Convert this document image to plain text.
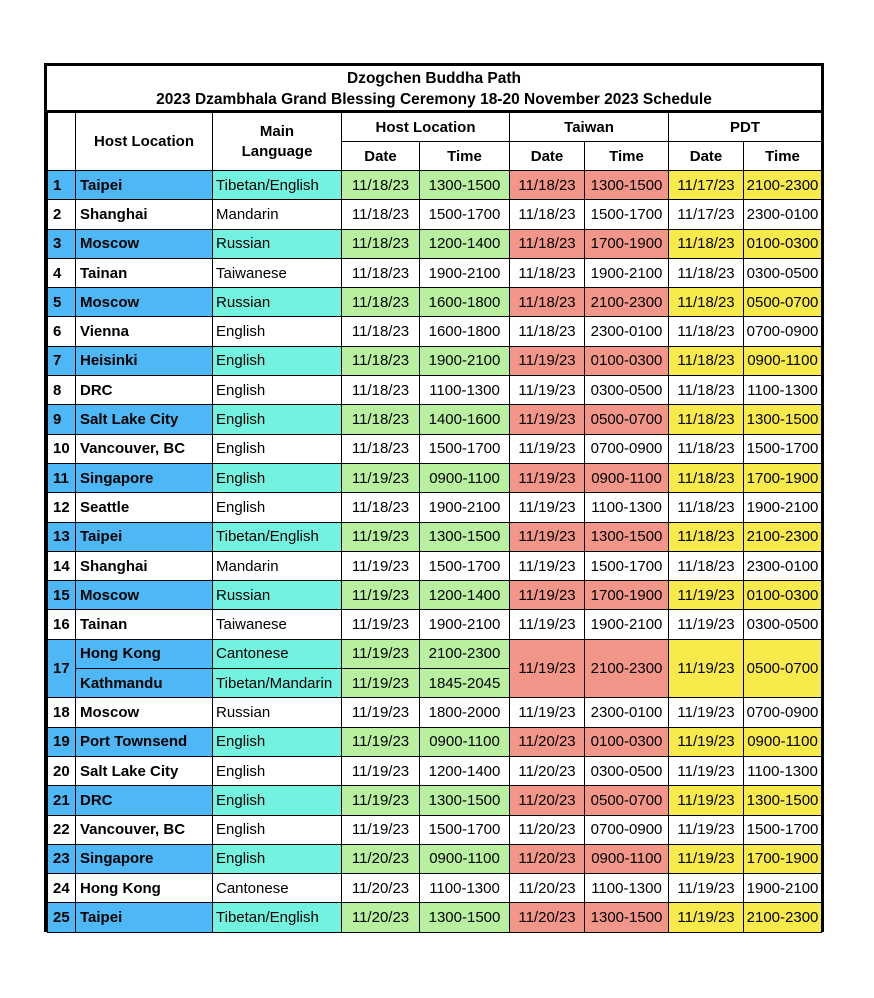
Dzogchen Buddha Path
2023 Dzambhala Grand Blessing Ceremony 18-20 November 2023 Schedule
	Host Location	Main Language	Host Location		Taiwan		PDT	
			Date	Time	Date	Time	Date	Time
1	Taipei	Tibetan/English	11/18/23	1300-1500	11/18/23	1300-1500	11/17/23	2100-2300
2	Shanghai	Mandarin	11/18/23	1500-1700	11/18/23	1500-1700	11/17/23	2300-0100
3	Moscow	Russian	11/18/23	1200-1400	11/18/23	1700-1900	11/18/23	0100-0300
4	Tainan	Taiwanese	11/18/23	1900-2100	11/18/23	1900-2100	11/18/23	0300-0500
5	Moscow	Russian	11/18/23	1600-1800	11/18/23	2100-2300	11/18/23	0500-0700
6	Vienna	English	11/18/23	1600-1800	11/18/23	2300-0100	11/18/23	0700-0900
7	Heisinki	English	11/18/23	1900-2100	11/19/23	0100-0300	11/18/23	0900-1100
8	DRC	English	11/18/23	1100-1300	11/19/23	0300-0500	11/18/23	1100-1300
9	Salt Lake City	English	11/18/23	1400-1600	11/19/23	0500-0700	11/18/23	1300-1500
10	Vancouver, BC	English	11/18/23	1500-1700	11/19/23	0700-0900	11/18/23	1500-1700
11	Singapore	English	11/19/23	0900-1100	11/19/23	0900-1100	11/18/23	1700-1900
12	Seattle	English	11/18/23	1900-2100	11/19/23	1100-1300	11/18/23	1900-2100
13	Taipei	Tibetan/English	11/19/23	1300-1500	11/19/23	1300-1500	11/18/23	2100-2300
14	Shanghai	Mandarin	11/19/23	1500-1700	11/19/23	1500-1700	11/18/23	2300-0100
15	Moscow	Russian	11/19/23	1200-1400	11/19/23	1700-1900	11/19/23	0100-0300
16	Tainan	Taiwanese	11/19/23	1900-2100	11/19/23	1900-2100	11/19/23	0300-0500
17	Hong Kong	Cantonese	11/19/23	2100-2300	11/19/23	2100-2300	11/19/23	0500-0700
	Kathmandu	Tibetan/Mandarin	11/19/23	1845-2045				
18	Moscow	Russian	11/19/23	1800-2000	11/19/23	2300-0100	11/19/23	0700-0900
19	Port Townsend	English	11/19/23	0900-1100	11/20/23	0100-0300	11/19/23	0900-1100
20	Salt Lake City	English	11/19/23	1200-1400	11/20/23	0300-0500	11/19/23	1100-1300
21	DRC	English	11/19/23	1300-1500	11/20/23	0500-0700	11/19/23	1300-1500
22	Vancouver, BC	English	11/19/23	1500-1700	11/20/23	0700-0900	11/19/23	1500-1700
23	Singapore	English	11/20/23	0900-1100	11/20/23	0900-1100	11/19/23	1700-1900
24	Hong Kong	Cantonese	11/20/23	1100-1300	11/20/23	1100-1300	11/19/23	1900-2100
25	Taipei	Tibetan/English	11/20/23	1300-1500	11/20/23	1300-1500	11/19/23	2100-2300
